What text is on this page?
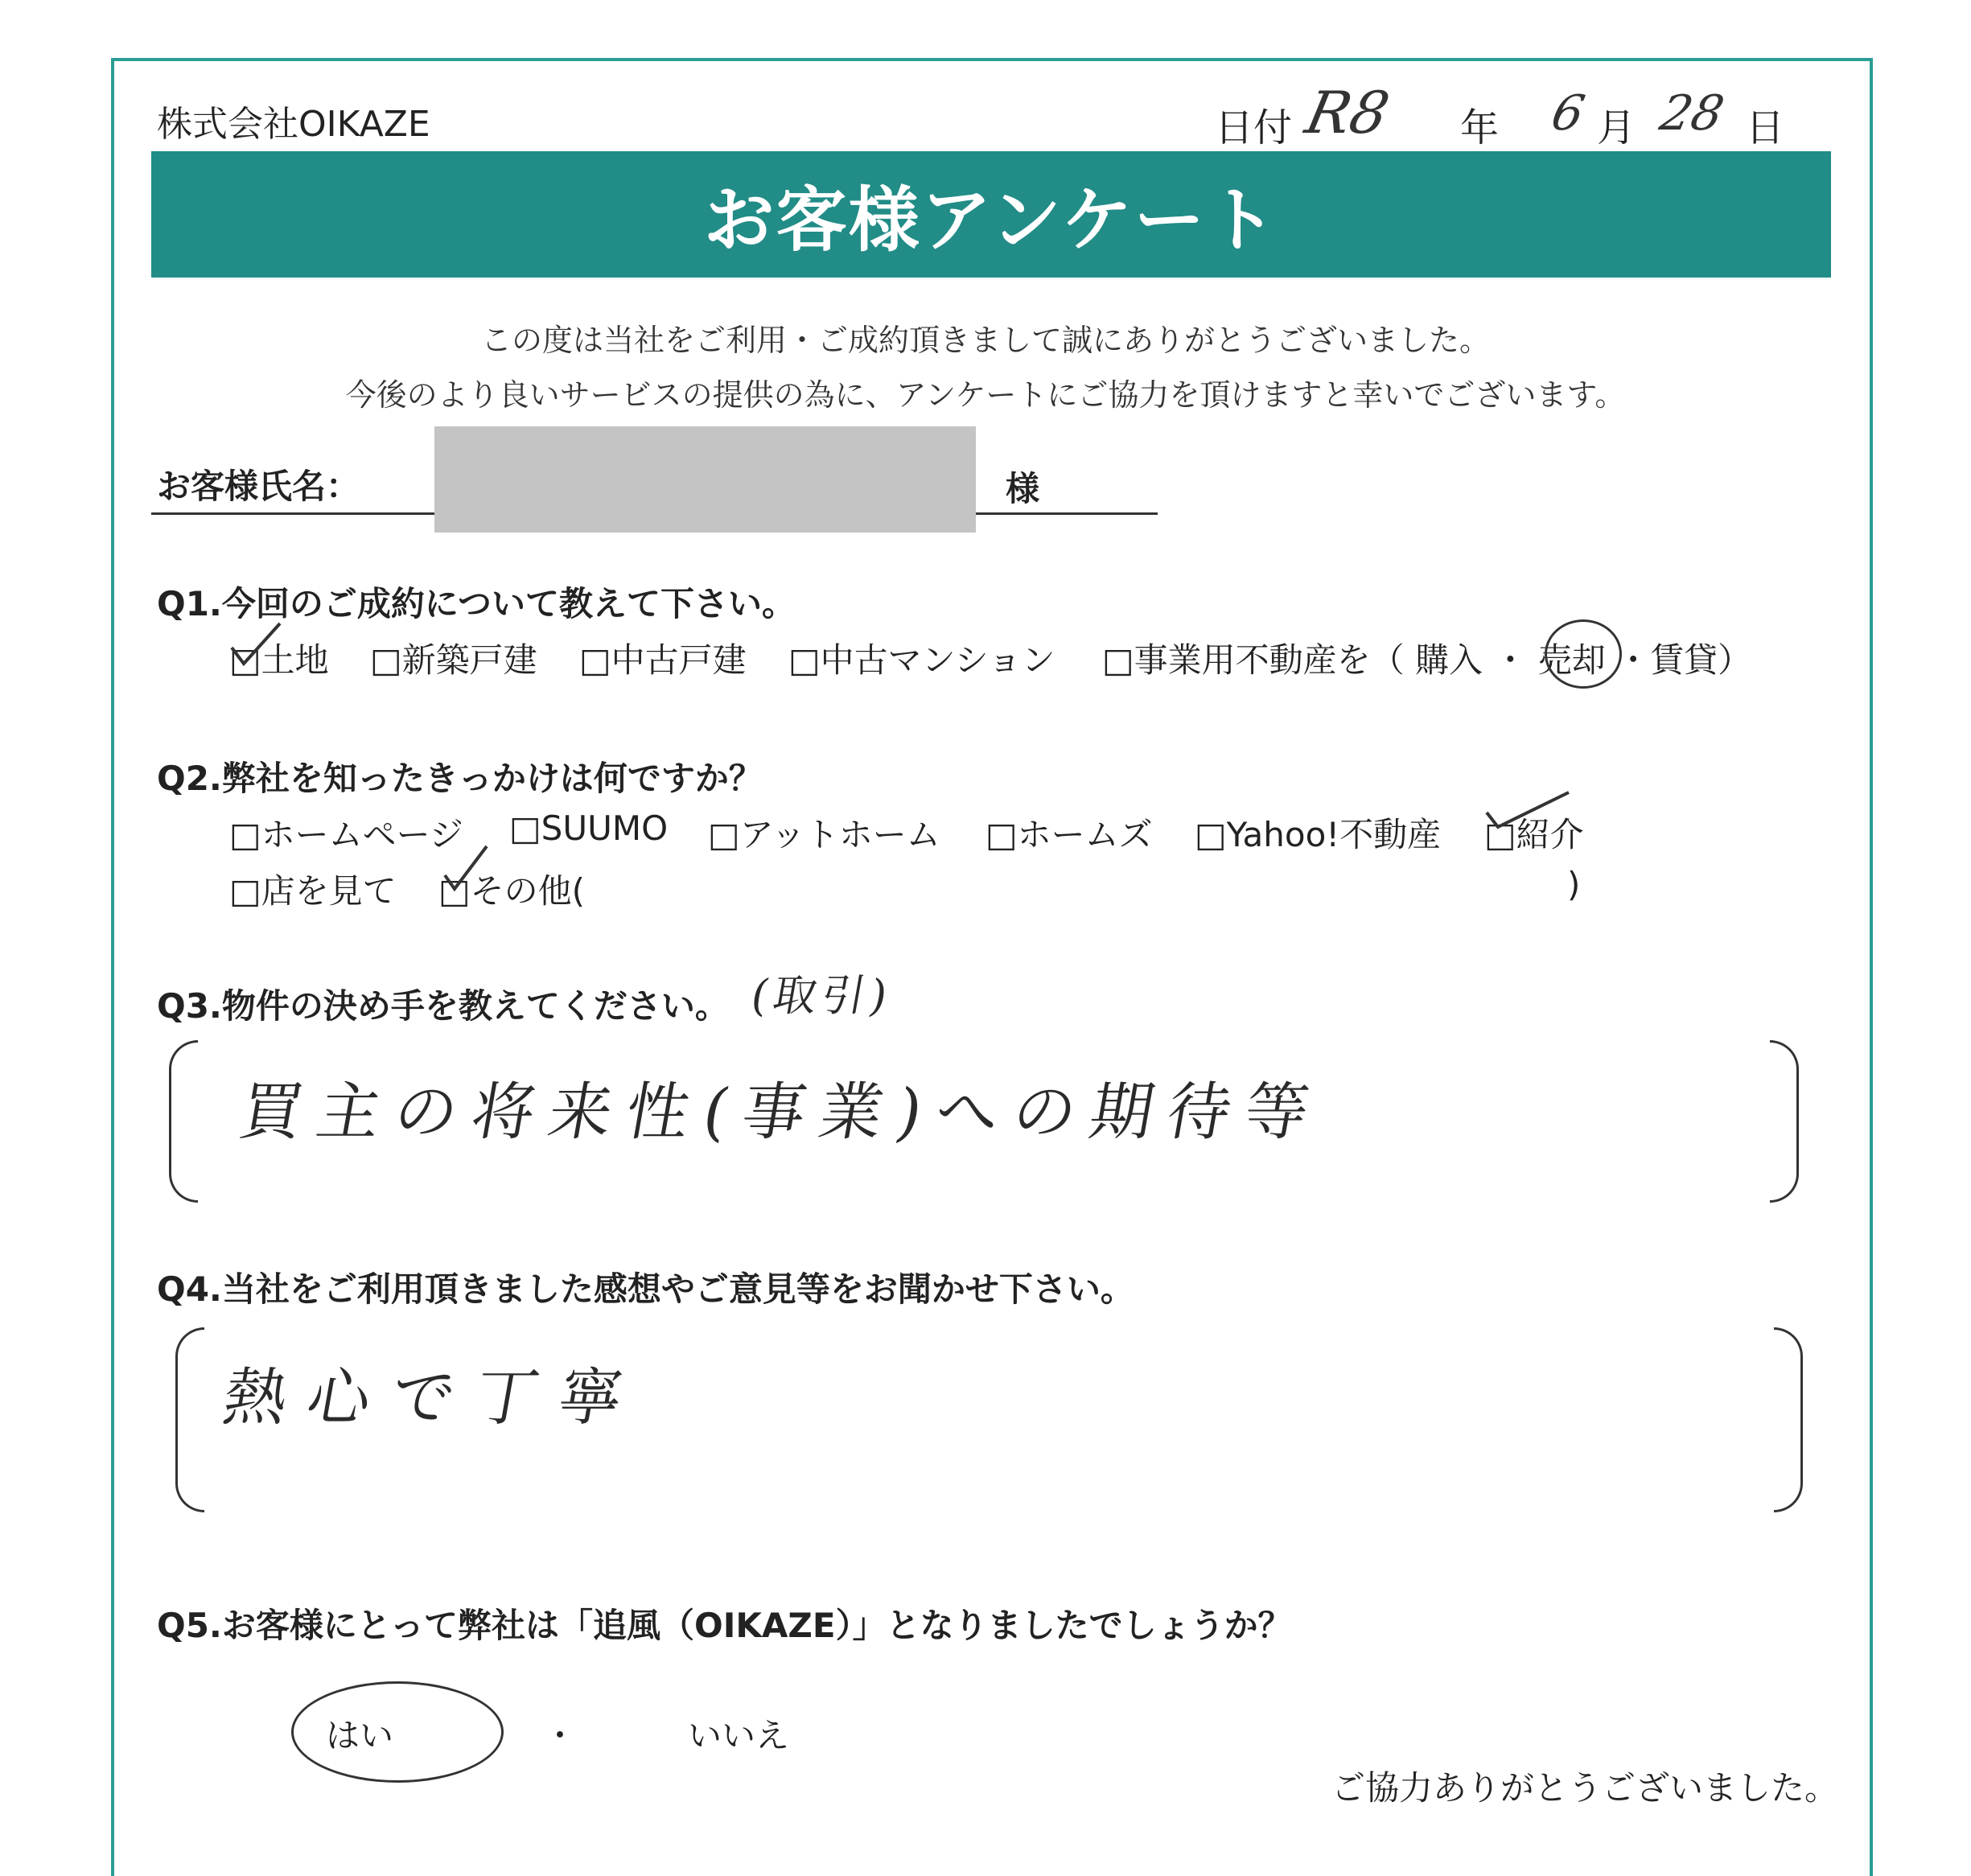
株式会社OIKAZE	日付 R8 年 6 月 28 日
お客様アンケート
この度は当社をご利用・ご成約頂きまして誠にありがとうございました。
今後のより良いサービスの提供の為に、アンケートにご協力を頂けますと幸いでございます。
お客様氏名：	様
Q1.今回のご成約について教えて下さい。
□土地 □新築戸建 □中古戸建 □中古マンション □事業用不動産を（ 購入 ・ 売却 ・賃貸）
Q2.弊社を知ったきっかけは何ですか？
□ホームページ □SUUMO □アットホーム □ホームズ □Yahoo!不動産 □紹介
□店を見て □その他(	)
Q3.物件の決め手を教えてください。 (取引)
買主の将来性(事業)への期待等
Q4.当社をご利用頂きました感想やご意見等をお聞かせ下さい。
熱心で丁寧
Q5.お客様にとって弊社は「追風（OIKAZE）」となりましたでしょうか？
はい	・	いいえ
ご協力ありがとうございました。
